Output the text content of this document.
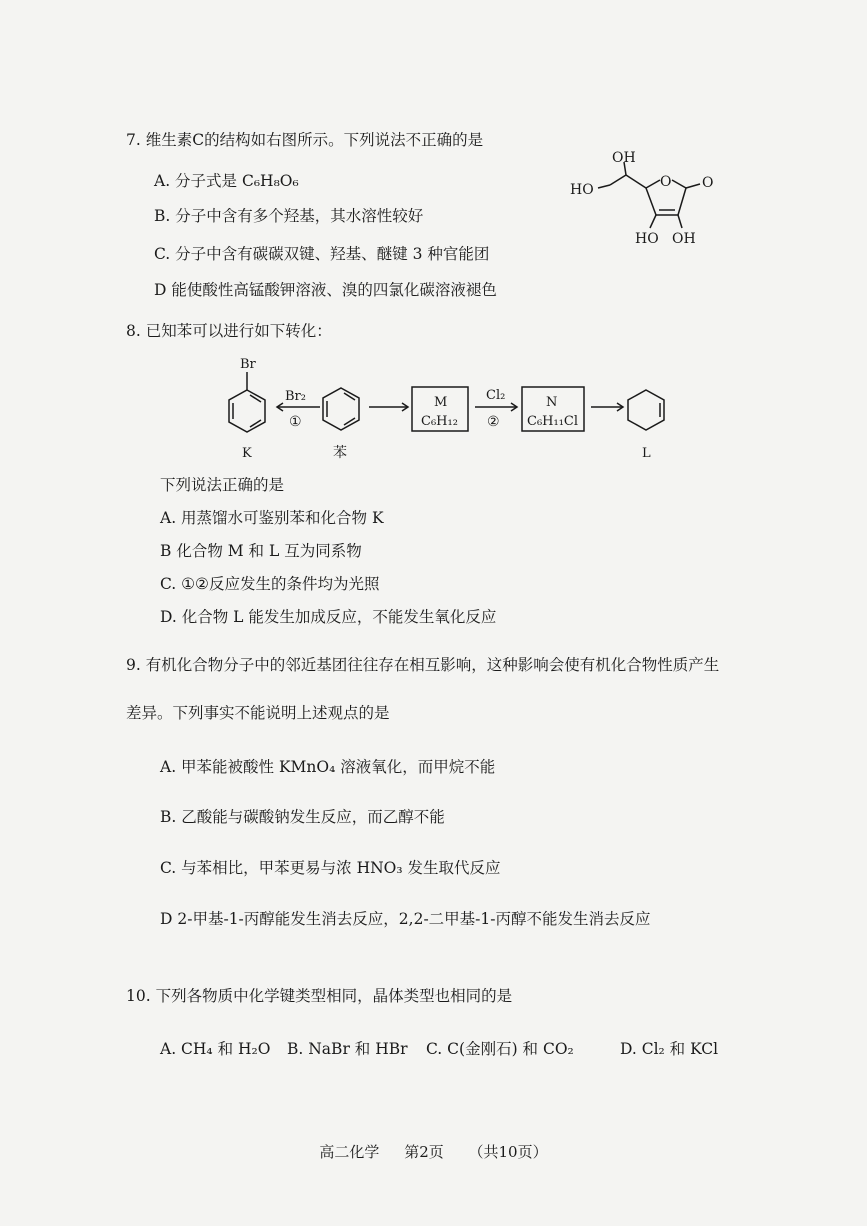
7. 维生素C的结构如右图所示。下列说法不正确的是
A. 分子式是 C₆H₈O₆
B. 分子中含有多个羟基，其水溶性较好
C. 分子中含有碳碳双键、羟基、醚键 3 种官能团
D 能使酸性高锰酸钾溶液、溴的四氯化碳溶液褪色
OH
HO	O O
HO OH
8. 已知苯可以进行如下转化：
Br
Br₂
①
K	苯
M
C₆H₁₂
Cl₂
②
N
C₆H₁₁Cl
L
下列说法正确的是
A. 用蒸馏水可鉴别苯和化合物 K
B 化合物 M 和 L 互为同系物
C. ①②反应发生的条件均为光照
D. 化合物 L 能发生加成反应，不能发生氧化反应
9. 有机化合物分子中的邻近基团往往存在相互影响，这种影响会使有机化合物性质产生
差异。下列事实不能说明上述观点的是
A. 甲苯能被酸性 KMnO₄ 溶液氧化，而甲烷不能
B. 乙酸能与碳酸钠发生反应，而乙醇不能
C. 与苯相比，甲苯更易与浓 HNO₃ 发生取代反应
D 2-甲基-1-丙醇能发生消去反应，2,2-二甲基-1-丙醇不能发生消去反应
10. 下列各物质中化学键类型相同，晶体类型也相同的是
A. CH₄ 和 H₂O B. NaBr 和 HBr C. C(金刚石) 和 CO₂	D. Cl₂ 和 KCl
高二化学 第2页 （共10页）
